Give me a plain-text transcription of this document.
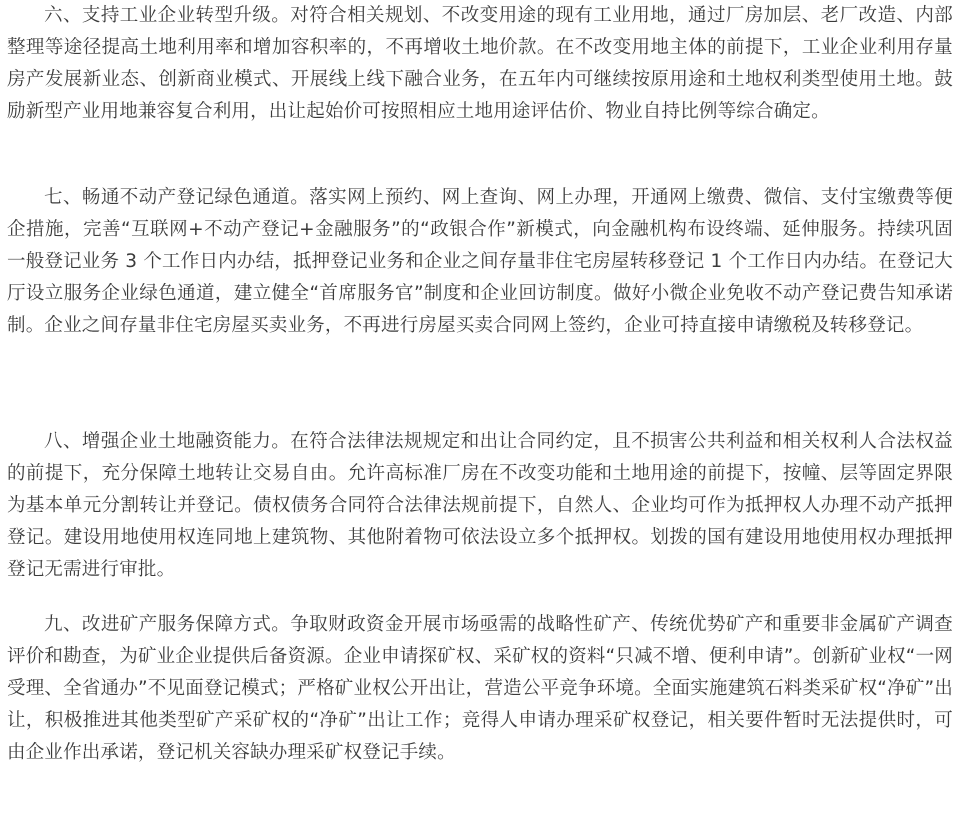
六、支持工业企业转型升级。对符合相关规划、不改变用途的现有工业用地，通过厂房加层、老厂改造、内部整理等途径提高土地利用率和增加容积率的，不再增收土地价款。在不改变用地主体的前提下，工业企业利用存量房产发展新业态、创新商业模式、开展线上线下融合业务，在五年内可继续按原用途和土地权利类型使用土地。鼓励新型产业用地兼容复合利用，出让起始价可按照相应土地用途评估价、物业自持比例等综合确定。

七、畅通不动产登记绿色通道。落实网上预约、网上查询、网上办理，开通网上缴费、微信、支付宝缴费等便企措施，完善“互联网+不动产登记+金融服务”的“政银合作”新模式，向金融机构布设终端、延伸服务。持续巩固一般登记业务 3 个工作日内办结，抵押登记业务和企业之间存量非住宅房屋转移登记 1 个工作日内办结。在登记大厅设立服务企业绿色通道，建立健全“首席服务官”制度和企业回访制度。做好小微企业免收不动产登记费告知承诺制。企业之间存量非住宅房屋买卖业务，不再进行房屋买卖合同网上签约，企业可持直接申请缴税及转移登记。

八、增强企业土地融资能力。在符合法律法规规定和出让合同约定，且不损害公共利益和相关权利人合法权益的前提下，充分保障土地转让交易自由。允许高标准厂房在不改变功能和土地用途的前提下，按幢、层等固定界限为基本单元分割转让并登记。债权债务合同符合法律法规前提下，自然人、企业均可作为抵押权人办理不动产抵押登记。建设用地使用权连同地上建筑物、其他附着物可依法设立多个抵押权。划拨的国有建设用地使用权办理抵押登记无需进行审批。

九、改进矿产服务保障方式。争取财政资金开展市场亟需的战略性矿产、传统优势矿产和重要非金属矿产调查评价和勘查，为矿业企业提供后备资源。企业申请探矿权、采矿权的资料“只减不增、便利申请”。创新矿业权“一网受理、全省通办”不见面登记模式；严格矿业权公开出让，营造公平竞争环境。全面实施建筑石料类采矿权“净矿”出让，积极推进其他类型矿产采矿权的“净矿”出让工作；竞得人申请办理采矿权登记，相关要件暂时无法提供时，可由企业作出承诺，登记机关容缺办理采矿权登记手续。
